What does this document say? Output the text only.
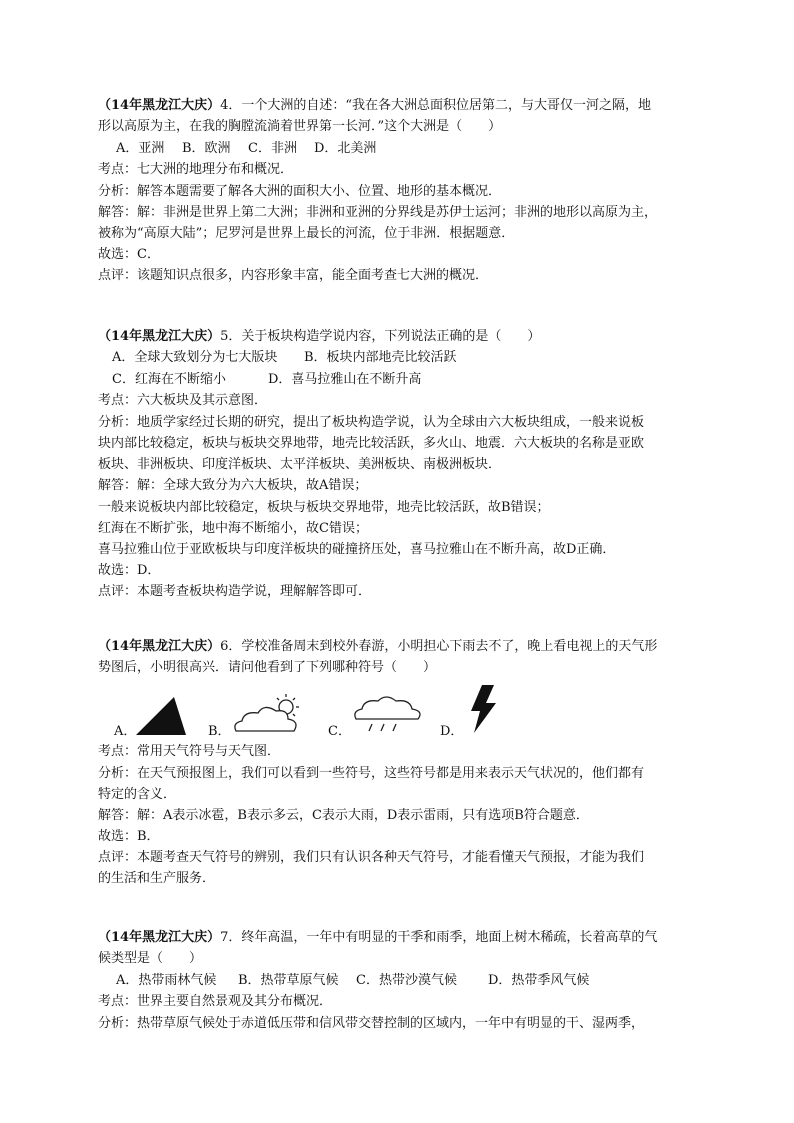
（14年黑龙江大庆）4．一个大洲的自述：“我在各大洲总面积位居第二，与大哥仅一河之隔，地
形以高原为主，在我的胸膛流淌着世界第一长河．”这个大洲是（　　）
A．亚洲 B．欧洲 C．非洲 D．北美洲
考点：七大洲的地理分布和概况．
分析：解答本题需要了解各大洲的面积大小、位置、地形的基本概况．
解答：解：非洲是世界上第二大洲；非洲和亚洲的分界线是苏伊士运河；非洲的地形以高原为主，
被称为“高原大陆”；尼罗河是世界上最长的河流，位于非洲．根据题意．
故选：C．
点评：该题知识点很多，内容形象丰富，能全面考查七大洲的概况．
（14年黑龙江大庆）5．关于板块构造学说内容，下列说法正确的是（　　）
A．全球大致划分为七大版块 B．板块内部地壳比较活跃
C．红海在不断缩小	D．喜马拉雅山在不断升高
考点：六大板块及其示意图．
分析：地质学家经过长期的研究，提出了板块构造学说，认为全球由六大板块组成，一般来说板
块内部比较稳定，板块与板块交界地带，地壳比较活跃，多火山、地震．六大板块的名称是亚欧
板块、非洲板块、印度洋板块、太平洋板块、美洲板块、南极洲板块．
解答：解：全球大致分为六大板块，故A错误；
一般来说板块内部比较稳定，板块与板块交界地带，地壳比较活跃，故B错误；
红海在不断扩张，地中海不断缩小，故C错误；
喜马拉雅山位于亚欧板块与印度洋板块的碰撞挤压处，喜马拉雅山在不断升高，故D正确．
故选：D．
点评：本题考查板块构造学说，理解解答即可．
（14年黑龙江大庆）6．学校准备周末到校外春游，小明担心下雨去不了，晚上看电视上的天气形
势图后，小明很高兴．请问他看到了下列哪种符号（　　）
A．	B．	C．	D．
考点：常用天气符号与天气图．
分析：在天气预报图上，我们可以看到一些符号，这些符号都是用来表示天气状况的，他们都有
特定的含义．
解答：解：A表示冰雹，B表示多云，C表示大雨，D表示雷雨，只有选项B符合题意．
故选：B．
点评：本题考查天气符号的辨别，我们只有认识各种天气符号，才能看懂天气预报，才能为我们
的生活和生产服务．
（14年黑龙江大庆）7．终年高温，一年中有明显的干季和雨季，地面上树木稀疏，长着高草的气
候类型是（　　）
A．热带雨林气候 B．热带草原气候 C．热带沙漠气候 D．热带季风气候
考点：世界主要自然景观及其分布概况．
分析：热带草原气候处于赤道低压带和信风带交替控制的区域内，一年中有明显的干、湿两季，
